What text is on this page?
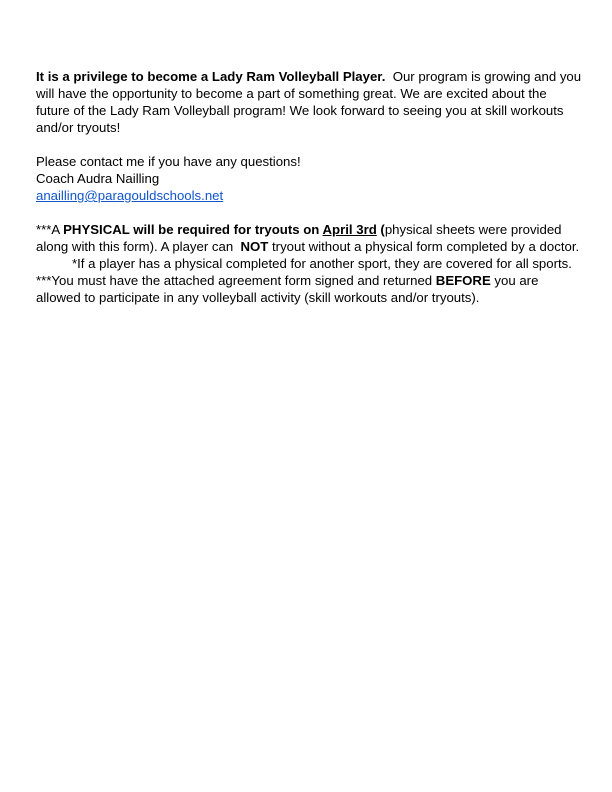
It is a privilege to become a Lady Ram Volleyball Player.  Our program is growing and you
will have the opportunity to become a part of something great. We are excited about the
future of the Lady Ram Volleyball program! We look forward to seeing you at skill workouts
and/or tryouts!
Please contact me if you have any questions!
Coach Audra Nailling
anailling@paragouldschools.net
***A PHYSICAL will be required for tryouts on April 3rd (physical sheets were provided
along with this form). A player can  NOT tryout without a physical form completed by a doctor.
*If a player has a physical completed for another sport, they are covered for all sports.
***You must have the attached agreement form signed and returned BEFORE you are
allowed to participate in any volleyball activity (skill workouts and/or tryouts).
